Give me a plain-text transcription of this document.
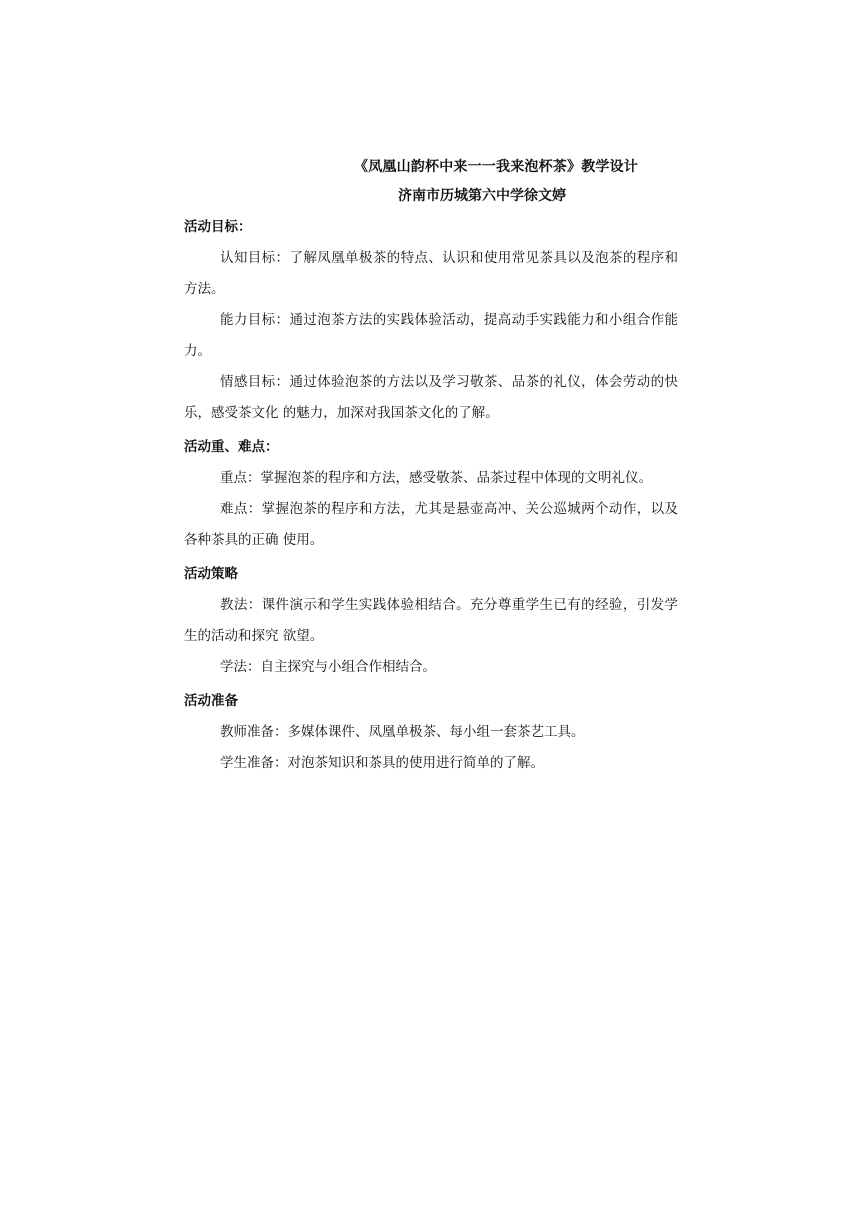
《凤凰山韵杯中来一一我来泡杯茶》教学设计
济南市历城第六中学徐文婷
活动目标：

认知目标：了解凤凰单极茶的特点、认识和使用常见茶具以及泡茶的程序和方法。

能力目标：通过泡茶方法的实践体验活动，提高动手实践能力和小组合作能力。

情感目标：通过体验泡茶的方法以及学习敬茶、品茶的礼仪，体会劳动的快乐，感受茶文化 的魅力，加深对我国茶文化的了解。

活动重、难点：

重点：掌握泡茶的程序和方法，感受敬茶、品茶过程中体现的文明礼仪。

难点：掌握泡茶的程序和方法，尤其是悬壶高冲、关公巡城两个动作，以及各种茶具的正确 使用。

活动策略

教法：课件演示和学生实践体验相结合。充分尊重学生已有的经验，引发学生的活动和探究 欲望。

学法：自主探究与小组合作相结合。

活动准备

教师准备：多媒体课件、凤凰单极茶、每小组一套茶艺工具。

学生准备：对泡茶知识和茶具的使用进行简单的了解。
